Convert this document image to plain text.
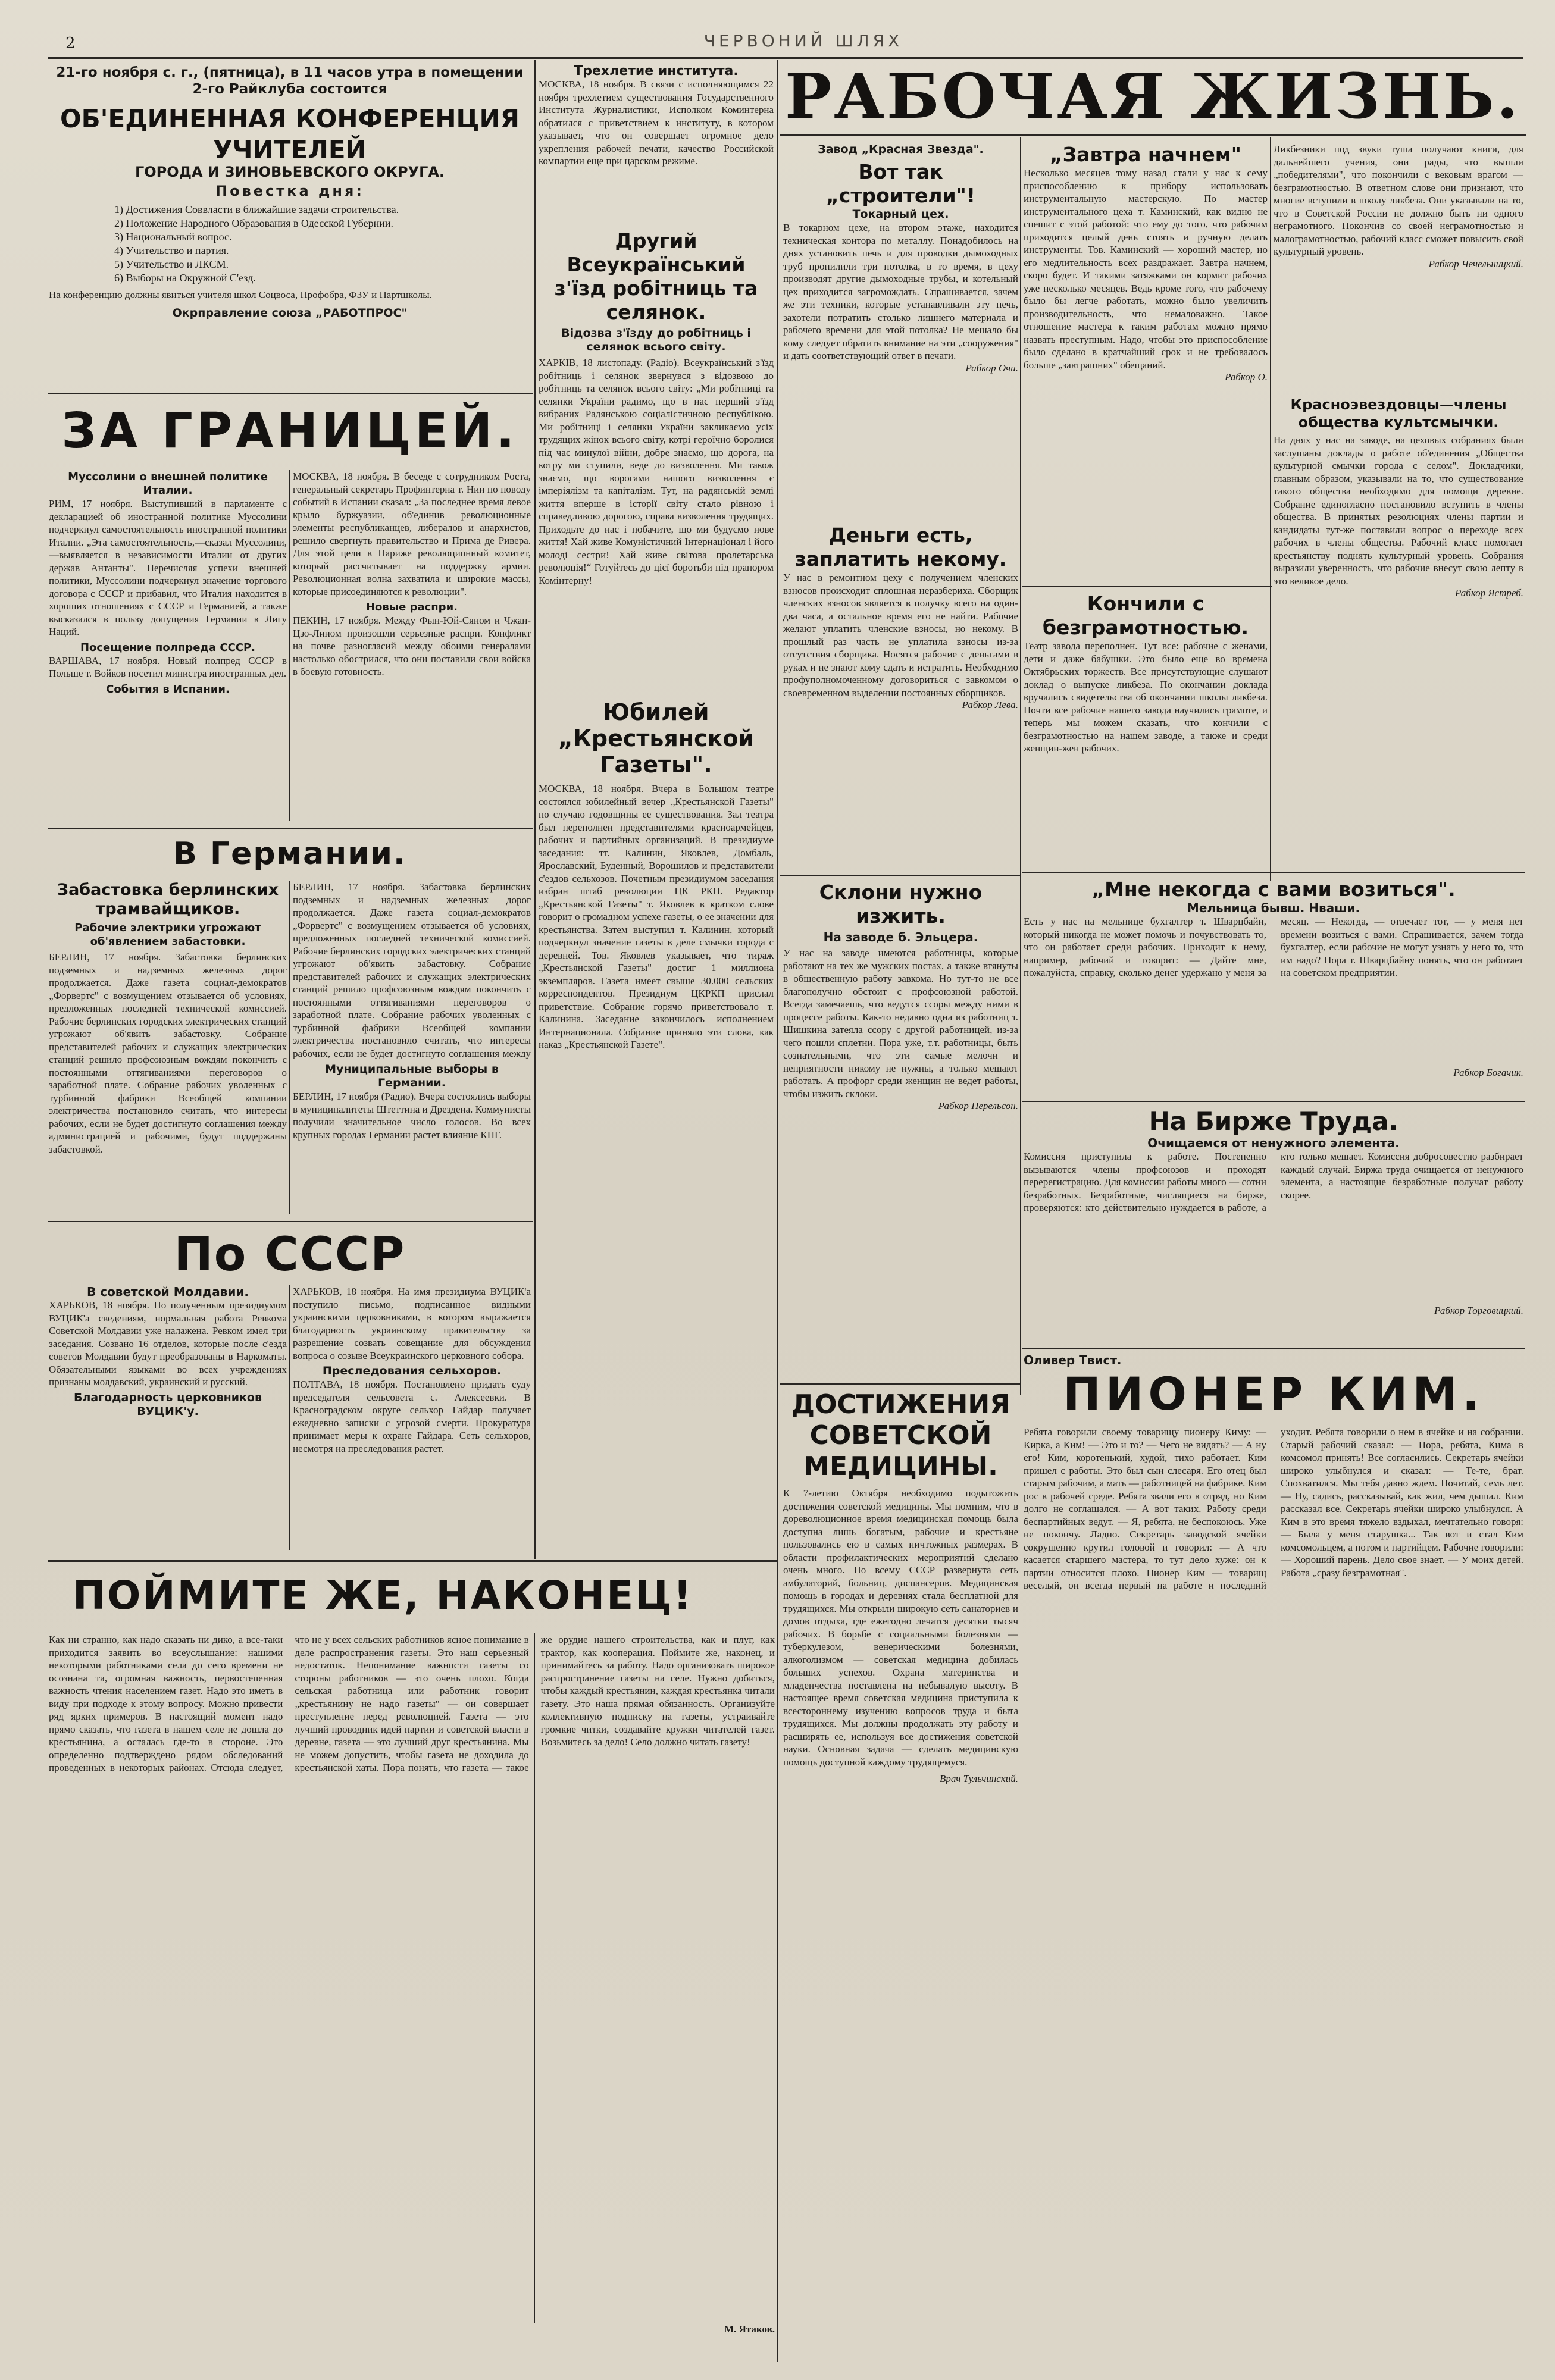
2	ЧЕРВОНИЙ ШЛЯХ
21-го ноября с. г., (пятница), в 11 часов утра в помещении 2-го Райклуба состоится
ОБ'ЕДИНЕННАЯ КОНФЕРЕНЦИЯ УЧИТЕЛЕЙ
ГОРОДА И ЗИНОВЬЕВСКОГО ОКРУГА.
Повестка дня:
1) Достижения Соввласти в ближайшие задачи строительства.
2) Положение Народного Образования в Одесской Губернии.
3) Национальный вопрос.
4) Учительство и партия.
5) Учительство и ЛКСМ.
6) Выборы на Окружной С'езд.
На конференцию должны явиться учителя школ Соцвоса, Профобра, ФЗУ и Партшколы.
Окрправление союза „РАБОТПРОС"
ЗА ГРАНИЦЕЙ.
Муссолини о внешней политике Италии.
РИМ, 17 ноября. Выступивший в парламенте с декларацией об иностранной политике Муссолини подчеркнул самостоятельность иностранной политики Италии. „Эта самостоятельность,—сказал Муссолини,—выявляется в независимости Италии от других держав Антанты". Перечисляя успехи внешней политики, Муссолини подчеркнул значение торгового договора с СССР и прибавил, что Италия находится в хороших отношениях с СССР и Германией, а также высказался в пользу допущения Германии в Лигу Наций.
Посещение полпреда СССР.
ВАРШАВА, 17 ноября. Новый полпред СССР в Польше т. Войков посетил министра иностранных дел.
События в Испании.
МОСКВА, 18 ноября. В беседе с сотрудником Роста, генеральный секретарь Профинтерна т. Нин по поводу событий в Испании сказал: „За последнее время левое крыло буржуазии, об'единив революционные элементы республиканцев, либералов и анархистов, решило свергнуть правительство и Прима де Ривера. Для этой цели в Париже революционный комитет, который рассчитывает на поддержку армии. Революционная волна захватила и широкие массы, которые присоединяются к революции".
Новые распри.
ПЕКИН, 17 ноября. Между Фын-Юй-Сяном и Чжан-Цзо-Лином произошли серьезные распри. Конфликт на почве разногласий между обоими генералами настолько обострился, что они поставили свои войска в боевую готовность.
В Германии.
Забастовка берлинских трамвайщиков.
Рабочие электрики угрожают об'явлением забастовки.
БЕРЛИН, 17 ноября. Забастовка берлинских подземных и надземных железных дорог продолжается. Даже газета социал-демократов „Форвертс" с возмущением отзывается об условиях, предложенных последней технической комиссией. Рабочие берлинских городских электрических станций угрожают об'явить забастовку. Собрание представителей рабочих и служащих электрических станций решило профсоюзным вождям покончить с постоянными оттягиваниями переговоров о заработной плате. Собрание рабочих уволенных с турбинной фабрики Всеобщей компании электричества постановило считать, что интересы рабочих, если не будет достигнуто соглашения между администрацией и рабочими, будут поддержаны забастовкой.
БЕРЛИН, 17 ноября. Забастовка берлинских подземных и надземных железных дорог продолжается. Даже газета социал-демократов „Форвертс" с возмущением отзывается об условиях, предложенных последней технической комиссией. Рабочие берлинских городских электрических станций угрожают об'явить забастовку. Собрание представителей рабочих и служащих электрических станций решило профсоюзным вождям покончить с постоянными оттягиваниями переговоров о заработной плате. Собрание рабочих уволенных с турбинной фабрики Всеобщей компании электричества постановило считать, что интересы рабочих, если не будет достигнуто соглашения между
Муниципальные выборы в Германии.
БЕРЛИН, 17 ноября (Радио). Вчера состоялись выборы в муниципалитеты Штеттина и Дрездена. Коммунисты получили значительное число голосов. Во всех крупных городах Германии растет влияние КПГ.
По СССР
В советской Молдавии.
ХАРЬКОВ, 18 ноября. По полученным президиумом ВУЦИК'а сведениям, нормальная работа Ревкома Советской Молдавии уже налажена. Ревком имел три заседания. Созвано 16 отделов, которые после с'езда советов Молдавии будут преобразованы в Наркоматы. Обязательными языками во всех учреждениях признаны молдавский, украинский и русский.
Благодарность церковников ВУЦИК'у.
ХАРЬКОВ, 18 ноября. На имя президиума ВУЦИК'а поступило письмо, подписанное видными украинскими церковниками, в котором выражается благодарность украинскому правительству за разрешение созвать совещание для обсуждения вопроса о созыве Всеукраинского церковного собора.
Преследования сельхоров.
ПОЛТАВА, 18 ноября. Постановлено придать суду председателя сельсовета с. Алексеевки. В Красноградском округе сельхор Гайдар получает ежедневно записки с угрозой смерти. Прокуратура принимает меры к охране Гайдара. Сеть сельхоров, несмотря на преследования растет.
Трехлетие института.
МОСКВА, 18 ноября. В связи с исполняющимся 22 ноября трехлетием существования Государственного Института Журналистики, Исполком Коминтерна обратился с приветствием к институту, в котором указывает, что он совершает огромное дело укрепления рабочей печати, качество Российской компартии еще при царском режиме.
Другий Всеукраїнський з'їзд робітниць та селянок.
Відозва з'їзду до робітниць і селянок всього світу.
ХАРКІВ, 18 листопаду. (Радіо). Всеукраїнський з'їзд робітниць і селянок звернувся з відозвою до робітниць та селянок всього світу: „Ми робітниці та селянки України радимо, що в нас перший з'їзд вибраних Радянською соціалістичною республікою. Ми робітниці і селянки України закликаємо усіх трудящих жінок всього світу, котрі героїчно боролися під час минулої війни, добре знаємо, що дорога, на котру ми ступили, веде до визволення. Ми також знаємо, що ворогами нашого визволення є імперіялізм та капіталізм. Тут, на радянській землі життя вперше в історії світу стало рівною і справедливою дорогою, справа визволення трудящих. Приходьте до нас і побачите, що ми будуємо нове життя! Хай живе Комуністичний Інтернаціонал і його молоді сестри! Хай живе світова пролетарська революція!“ Готуйтесь до цієї боротьби під прапором Комінтерну!
Юбилей „Крестьянской Газеты".
МОСКВА, 18 ноября. Вчера в Большом театре состоялся юбилейный вечер „Крестьянской Газеты" по случаю годовщины ее существования. Зал театра был переполнен представителями красноармейцев, рабочих и партийных организаций. В президиуме заседания: тт. Калинин, Яковлев, Домбаль, Ярославский, Буденный, Ворошилов и представители с'ездов сельхозов. Почетным президиумом заседания избран штаб революции ЦК РКП. Редактор „Крестьянской Газеты" т. Яковлев в кратком слове говорит о громадном успехе газеты, о ее значении для крестьянства. Затем выступил т. Калинин, который подчеркнул значение газеты в деле смычки города с деревней. Тов. Яковлев указывает, что тираж „Крестьянской Газеты" достиг 1 миллиона экземпляров. Газета имеет свыше 30.000 сельских корреспондентов. Президиум ЦКРКП прислал приветствие. Собрание горячо приветствовало т. Калинина. Заседание закончилось исполнением Интернационала. Собрание приняло эти слова, как наказ „Крестьянской Газете".
РАБОЧАЯ ЖИЗНЬ.
Завод „Красная Звезда".
Вот так „строители"!
Токарный цех.
В токарном цехе, на втором этаже, находится техническая контора по металлу. Понадобилось на днях установить печь и для проводки дымоходных труб пропилили три потолка, в то время, в цеху производят другие дымоходные трубы, и котельный цех приходится загромождать. Спрашивается, зачем же эти техники, которые устанавливали эту печь, захотели потратить столько лишнего материала и рабочего времени для этой потолка? Не мешало бы кому следует обратить внимание на эти „сооружения" и дать соответствующий ответ в печати.
Рабкор Очи.
Деньги есть, заплатить некому.
У нас в ремонтном цеху с получением членских взносов происходит сплошная неразбериха. Сборщик членских взносов является в получку всего на один-два часа, а остальное время его не найти. Рабочие желают уплатить членские взносы, но некому. В прошлый раз часть не уплатила взносы из-за отсутствия сборщика. Носятся рабочие с деньгами в руках и не знают кому сдать и истратить. Необходимо профуполномоченному договориться с завкомом о своевременном выделении постоянных сборщиков.
Рабкор Лева.
Склони нужно изжить.
На заводе б. Эльцера.
У нас на заводе имеются работницы, которые работают на тех же мужских постах, а также втянуты в общественную работу завкома. Но тут-то не все благополучно обстоит с профсоюзной работой. Всегда замечаешь, что ведутся ссоры между ними в процессе работы. Как-то недавно одна из работниц т. Шишкина затеяла ссору с другой работницей, из-за чего пошли сплетни. Пора уже, т.т. работницы, быть сознательными, что эти самые мелочи и неприятности никому не нужны, а только мешают работать. А профорг среди женщин не ведет работы, чтобы изжить склоки.
Рабкор Перельсон.
ДОСТИЖЕНИЯ СОВЕТСКОЙ МЕДИЦИНЫ.
К 7-летию Октября необходимо подытожить достижения советской медицины. Мы помним, что в дореволюционное время медицинская помощь была доступна лишь богатым, рабочие и крестьяне пользовались ею в самых ничтожных размерах. В области профилактических мероприятий сделано очень много. По всему СССР развернута сеть амбулаторий, больниц, диспансеров. Медицинская помощь в городах и деревнях стала бесплатной для трудящихся. Мы открыли широкую сеть санаториев и домов отдыха, где ежегодно лечатся десятки тысяч рабочих. В борьбе с социальными болезнями — туберкулезом, венерическими болезнями, алкоголизмом — советская медицина добилась больших успехов. Охрана материнства и младенчества поставлена на небывалую высоту. В настоящее время советская медицина приступила к всестороннему изучению вопросов труда и быта трудящихся. Мы должны продолжать эту работу и расширять ее, используя все достижения советской науки. Основная задача — сделать медицинскую помощь доступной каждому трудящемуся.
Врач Тульчинский.
„Завтра начнем"
Несколько месяцев тому назад стали у нас к сему приспособлению к прибору использовать инструментальную мастерскую. По мастер инструментального цеха т. Каминский, как видно не спешит с этой работой: что ему до того, что рабочим приходится целый день стоять и ручную делать инструменты. Тов. Каминский — хороший мастер, но его медлительность всех раздражает. Завтра начнем, скоро будет. И такими затяжками он кормит рабочих уже несколько месяцев. Ведь кроме того, что рабочему было бы легче работать, можно было увеличить производительность, что немаловажно. Такое отношение мастера к таким работам можно прямо назвать преступным. Надо, чтобы это приспособление было сделано в кратчайший срок и не требовалось больше „завтрашних" обещаний.
Рабкор О.
Кончили с безграмотностью.
Театр завода переполнен. Тут все: рабочие с женами, дети и даже бабушки. Это было еще во времена Октябрьских торжеств. Все присутствующие слушают доклад о выпуске ликбеза. По окончании доклада вручались свидетельства об окончании школы ликбеза. Почти все рабочие нашего завода научились грамоте, и теперь мы можем сказать, что кончили с безграмотностью на нашем заводе, а также и среди женщин-жен рабочих.
Ликбезники под звуки туша получают книги, для дальнейшего учения, они рады, что вышли „победителями", что покончили с вековым врагом — безграмотностью. В ответном слове они признают, что многие вступили в школу ликбеза. Они указывали на то, что в Советской России не должно быть ни одного неграмотного. Покончив со своей неграмотностью и малограмотностью, рабочий класс сможет повысить свой культурный уровень.
Рабкор Чечельницкий.
Красноэвездовцы—члены общества культсмычки.
На днях у нас на заводе, на цеховых собраниях были заслушаны доклады о работе об'единения „Общества культурной смычки города с селом". Докладчики, главным образом, указывали на то, что существование такого общества необходимо для помощи деревне. Собрание единогласно постановило вступить в члены общества. В принятых резолюциях члены партии и кандидаты тут-же поставили вопрос о переходе всех рабочих в члены общества. Рабочий класс помогает крестьянству поднять культурный уровень. Собрания выразили уверенность, что рабочие внесут свою лепту в это великое дело.
Рабкор Ястреб.
„Мне некогда с вами возиться".
Мельница бывш. Нваши.
Есть у нас на мельнице бухгалтер т. Шварцбайн, который никогда не может помочь и почувствовать то, что он работает среди рабочих. Приходит к нему, например, рабочий и говорит: — Дайте мне, пожалуйста, справку, сколько денег удержано у меня за месяц. — Некогда, — отвечает тот, — у меня нет времени возиться с вами. Спрашивается, зачем тогда бухгалтер, если рабочие не могут узнать у него то, что им надо? Пора т. Шварцбайну понять, что он работает на советском предприятии.
Рабкор Богачик.
На Бирже Труда.
Очищаемся от ненужного элемента.
Комиссия приступила к работе. Постепенно вызываются члены профсоюзов и проходят перерегистрацию. Для комиссии работы много — сотни безработных. Безработные, числящиеся на бирже, проверяются: кто действительно нуждается в работе, а кто только мешает. Комиссия добросовестно разбирает каждый случай. Биржа труда очищается от ненужного элемента, а настоящие безработные получат работу скорее.
Рабкор Торговицкий.
Оливер Твист.
ПИОНЕР КИМ.
Ребята говорили своему товарищу пионеру Киму: — Кирка, а Ким! — Это и то? — Чего не видать? — А ну его! Ким, коротенький, худой, тихо работает. Ким пришел с работы. Это был сын слесаря. Его отец был старым рабочим, а мать — работницей на фабрике. Ким рос в рабочей среде. Ребята звали его в отряд, но Ким долго не соглашался. — А вот таких. Работу среди беспартийных ведут. — Я, ребята, не беспокоюсь. Уже не покончу. Ладно. Секретарь заводской ячейки сокрушенно крутил головой и говорил: — А что касается старшего мастера, то тут дело хуже: он к партии относится плохо. Пионер Ким — товарищ веселый, он всегда первый на работе и последний уходит. Ребята говорили о нем в ячейке и на собрании. Старый рабочий сказал: — Пора, ребята, Кима в комсомол принять! Все согласились. Секретарь ячейки широко улыбнулся и сказал: — Те-те, брат. Спохватился. Мы тебя давно ждем. Почитай, семь лет. — Ну, садись, рассказывай, как жил, чем дышал. Ким рассказал все. Секретарь ячейки широко улыбнулся. А Ким в это время тяжело вздыхал, мечтательно говоря: — Была у меня старушка... Так вот и стал Ким комсомольцем, а потом и партийцем. Рабочие говорили: — Хороший парень. Дело свое знает. — У моих детей. Работа „сразу безграмотная".
ПОЙМИТЕ ЖЕ, НАКОНЕЦ!
Как ни странно, как надо сказать ни дико, а все-таки приходится заявить во всеуслышание: нашими некоторыми работниками села до сего времени не осознана та, огромная важность, первостепенная важность чтения населением газет. Надо это иметь в виду при подходе к этому вопросу. Можно привести ряд ярких примеров. В настоящий момент надо прямо сказать, что газета в нашем селе не дошла до крестьянина, а осталась где-то в стороне. Это определенно подтверждено рядом обследований проведенных в некоторых районах. Отсюда следует, что не у всех сельских работников ясное понимание в деле распространения газеты. Это наш серьезный недостаток. Непонимание важности газеты со стороны работников — это очень плохо. Когда сельская работница или работник говорит „крестьянину не надо газеты" — он совершает преступление перед революцией. Газета — это лучший проводник идей партии и советской власти в деревне, газета — это лучший друг крестьянина. Мы не можем допустить, чтобы газета не доходила до крестьянской хаты. Пора понять, что газета — такое же орудие нашего строительства, как и плуг, как трактор, как кооперация. Поймите же, наконец, и принимайтесь за работу. Надо организовать широкое распространение газеты на селе. Нужно добиться, чтобы каждый крестьянин, каждая крестьянка читали газету. Это наша прямая обязанность. Организуйте коллективную подписку на газеты, устраивайте громкие читки, создавайте кружки читателей газет. Возьмитесь за дело! Село должно читать газету!
М. Ятаков.
